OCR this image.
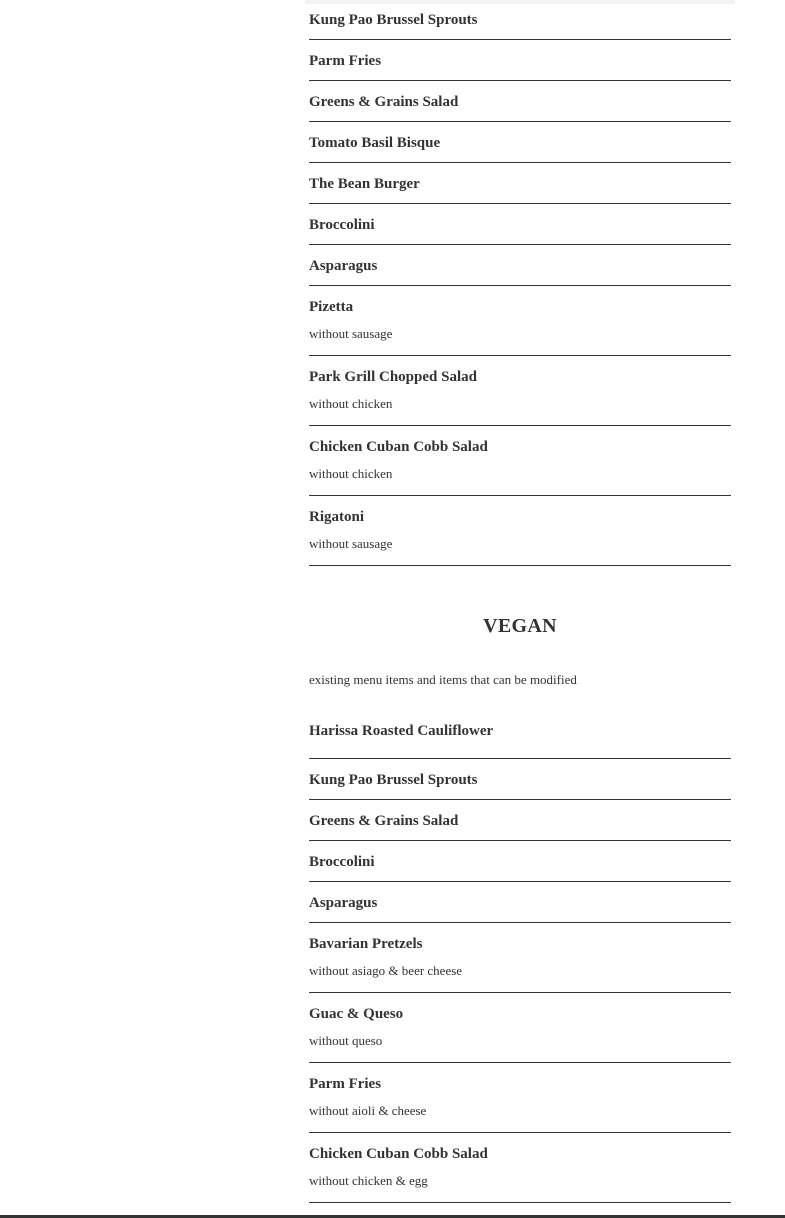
Kung Pao Brussel Sprouts
Parm Fries
Greens & Grains Salad
Tomato Basil Bisque
The Bean Burger
Broccolini
Asparagus
Pizetta
without sausage
Park Grill Chopped Salad
without chicken
Chicken Cuban Cobb Salad
without chicken
Rigatoni
without sausage
VEGAN
existing menu items and items that can be modified
Harissa Roasted Cauliflower
Kung Pao Brussel Sprouts
Greens & Grains Salad
Broccolini
Asparagus
Bavarian Pretzels
without asiago & beer cheese
Guac & Queso
without queso
Parm Fries
without aioli & cheese
Chicken Cuban Cobb Salad
without chicken & egg
